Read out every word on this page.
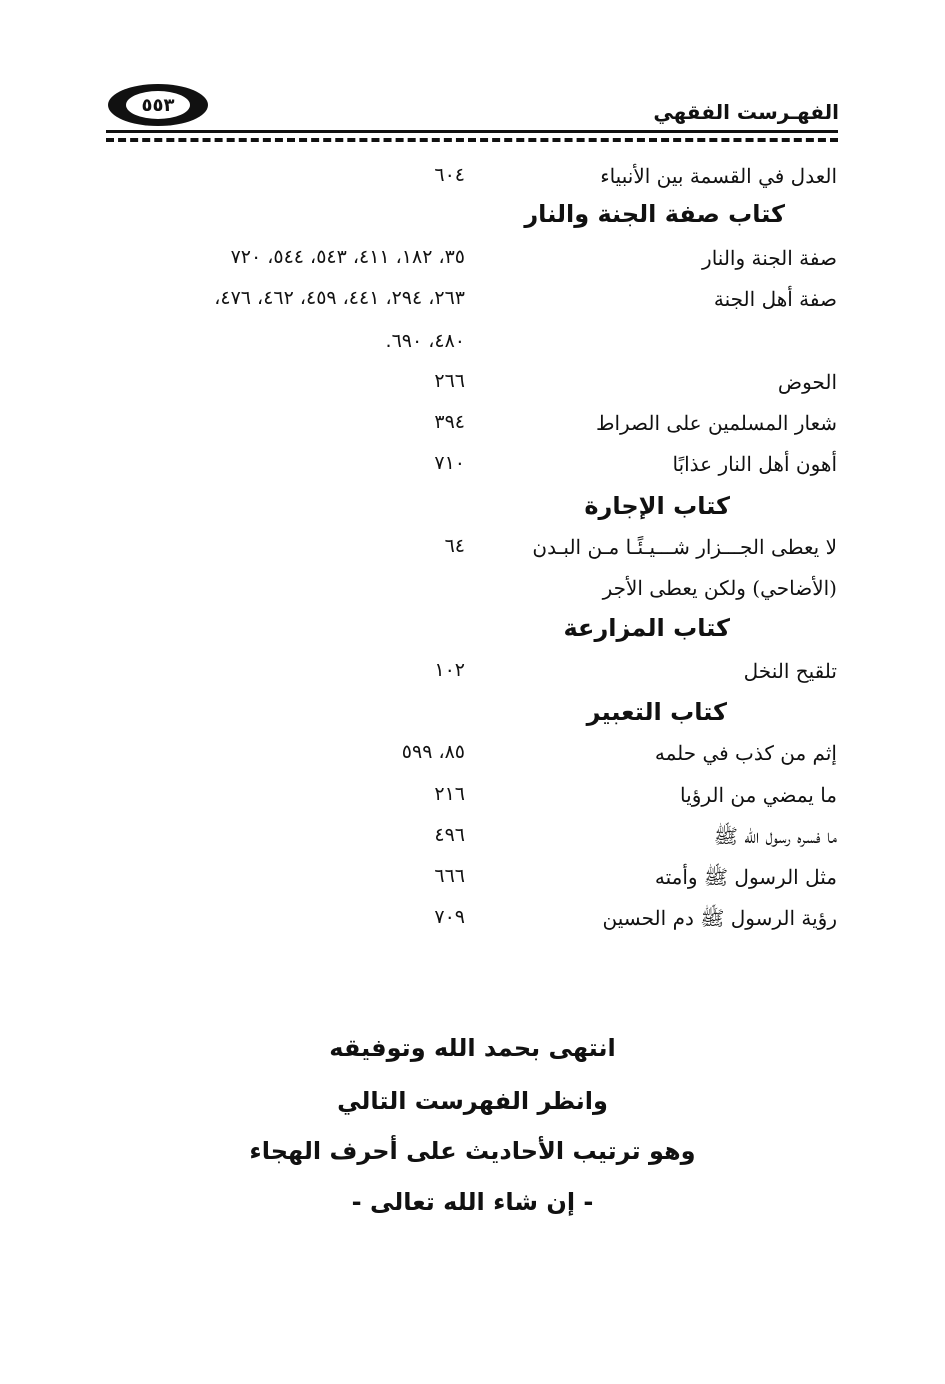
الفهـرست الفقهي
٥٥٣
العدل في القسمة بين الأنبياء
٦٠٤
كتاب صفة الجنة والنار
صفة الجنة والنار
٣٥، ١٨٢، ٤١١، ٥٤٣، ٥٤٤، ٧٢٠
صفة أهل الجنة
٢٦٣، ٢٩٤، ٤٤١، ٤٥٩، ٤٦٢، ٤٧٦،
٤٨٠، ٦٩٠.
الحوض
٢٦٦
شعار المسلمين على الصراط
٣٩٤
أهون أهل النار عذابًا
٧١٠
كتاب الإجارة
لا يعطى الجـــزار شـــيـئًـا مـن البـدن
٦٤
(الأضاحي) ولكن يعطى الأجر
كتاب المزارعة
تلقيح النخل
١٠٢
كتاب التعبير
إثم من كذب في حلمه
٨٥، ٥٩٩
ما يمضي من الرؤيا
٢١٦
ما فسره رسول الله ﷺ
٤٩٦
مثل الرسول ﷺ وأمته
٦٦٦
رؤية الرسول ﷺ دم الحسين
٧٠٩
انتهى بحمد الله وتوفيقه
وانظر الفهرست التالي
وهو ترتيب الأحاديث على أحرف الهجاء
- إن شاء الله تعالى -
